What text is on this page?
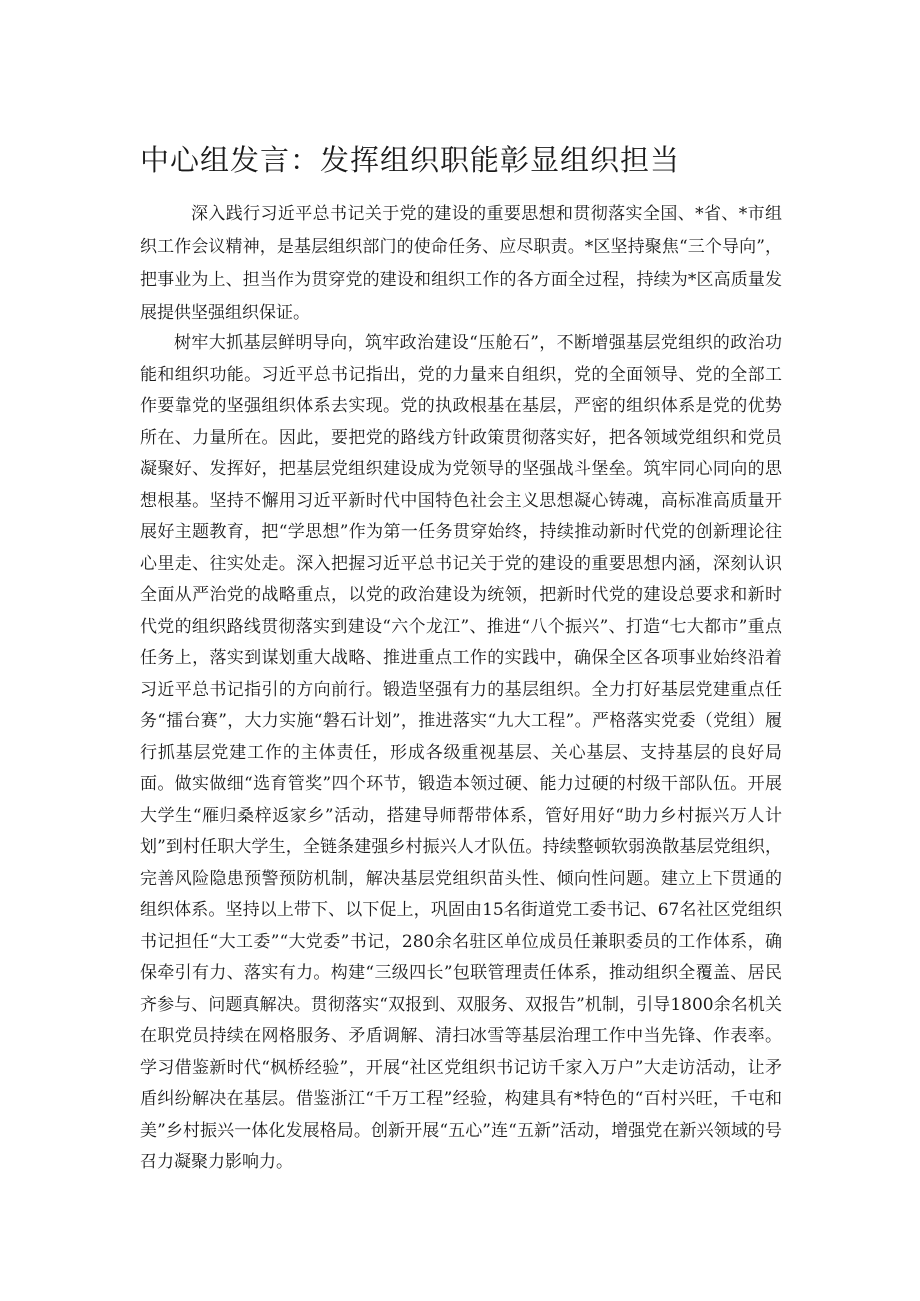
中心组发言：发挥组织职能彰显组织担当

深入践行习近平总书记关于党的建设的重要思想和贯彻落实全国、*省、*市组织工作会议精神，是基层组织部门的使命任务、应尽职责。*区坚持聚焦“三个导向”，把事业为上、担当作为贯穿党的建设和组织工作的各方面全过程，持续为*区高质量发展提供坚强组织保证。

树牢大抓基层鲜明导向，筑牢政治建设“压舱石”，不断增强基层党组织的政治功能和组织功能。习近平总书记指出，党的力量来自组织，党的全面领导、党的全部工作要靠党的坚强组织体系去实现。党的执政根基在基层，严密的组织体系是党的优势所在、力量所在。因此，要把党的路线方针政策贯彻落实好，把各领域党组织和党员凝聚好、发挥好，把基层党组织建设成为党领导的坚强战斗堡垒。筑牢同心同向的思想根基。坚持不懈用习近平新时代中国特色社会主义思想凝心铸魂，高标准高质量开展好主题教育，把“学思想”作为第一任务贯穿始终，持续推动新时代党的创新理论往心里走、往实处走。深入把握习近平总书记关于党的建设的重要思想内涵，深刻认识全面从严治党的战略重点，以党的政治建设为统领，把新时代党的建设总要求和新时代党的组织路线贯彻落实到建设“六个龙江”、推进“八个振兴”、打造“七大都市”重点任务上，落实到谋划重大战略、推进重点工作的实践中，确保全区各项事业始终沿着习近平总书记指引的方向前行。锻造坚强有力的基层组织。全力打好基层党建重点任务“擂台赛”，大力实施“磐石计划”，推进落实“九大工程”。严格落实党委（党组）履行抓基层党建工作的主体责任，形成各级重视基层、关心基层、支持基层的良好局面。做实做细“选育管奖”四个环节，锻造本领过硬、能力过硬的村级干部队伍。开展大学生“雁归桑梓返家乡”活动，搭建导师帮带体系，管好用好“助力乡村振兴万人计划”到村任职大学生，全链条建强乡村振兴人才队伍。持续整顿软弱涣散基层党组织，完善风险隐患预警预防机制，解决基层党组织苗头性、倾向性问题。建立上下贯通的组织体系。坚持以上带下、以下促上，巩固由15名街道党工委书记、67名社区党组织书记担任“大工委”“大党委”书记，280余名驻区单位成员任兼职委员的工作体系，确保牵引有力、落实有力。构建“三级四长”包联管理责任体系，推动组织全覆盖、居民齐参与、问题真解决。贯彻落实“双报到、双服务、双报告”机制，引导1800余名机关在职党员持续在网格服务、矛盾调解、清扫冰雪等基层治理工作中当先锋、作表率。学习借鉴新时代“枫桥经验”，开展“社区党组织书记访千家入万户”大走访活动，让矛盾纠纷解决在基层。借鉴浙江“千万工程”经验，构建具有*特色的“百村兴旺，千屯和美”乡村振兴一体化发展格局。创新开展“五心”连“五新”活动，增强党在新兴领域的号召力凝聚力影响力。
